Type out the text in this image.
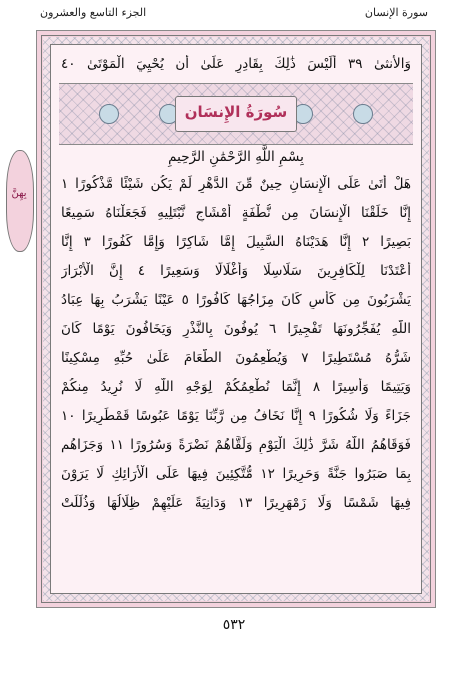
الجزء التاسع والعشرون	سورة الإنسان
بِهِنَّ
وَالأنثىٰ ٣٩ أَلَيْسَ ذَٰلِكَ بِقَادِرٍ عَلَىٰ أَن يُحْيِيَ الْمَوْتَىٰ ٤٠
سُورَةُ الإِنسَان
بِسْمِ اللَّهِ الرَّحْمَٰنِ الرَّحِيمِ
هَلْ أَتَىٰ عَلَى الْإِنسَانِ حِينٌ مِّنَ الدَّهْرِ لَمْ يَكُن شَيْئًا مَّذْكُورًا ١
إِنَّا خَلَقْنَا الْإِنسَانَ مِن نُّطْفَةٍ أَمْشَاجٍ نَّبْتَلِيهِ فَجَعَلْنَاهُ سَمِيعًا
بَصِيرًا ٢ إِنَّا هَدَيْنَاهُ السَّبِيلَ إِمَّا شَاكِرًا وَإِمَّا كَفُورًا ٣ إِنَّا
أَعْتَدْنَا لِلْكَافِرِينَ سَلَاسِلَا وَأَغْلَالًا وَسَعِيرًا ٤ إِنَّ الْأَبْرَارَ
يَشْرَبُونَ مِن كَأْسٍ كَانَ مِزَاجُهَا كَافُورًا ٥ عَيْنًا يَشْرَبُ بِهَا عِبَادُ
اللَّهِ يُفَجِّرُونَهَا تَفْجِيرًا ٦ يُوفُونَ بِالنَّذْرِ وَيَخَافُونَ يَوْمًا كَانَ
شَرُّهُ مُسْتَطِيرًا ٧ وَيُطْعِمُونَ الطَّعَامَ عَلَىٰ حُبِّهِ مِسْكِينًا
وَيَتِيمًا وَأَسِيرًا ٨ إِنَّمَا نُطْعِمُكُمْ لِوَجْهِ اللَّهِ لَا نُرِيدُ مِنكُمْ
جَزَاءً وَلَا شُكُورًا ٩ إِنَّا نَخَافُ مِن رَّبِّنَا يَوْمًا عَبُوسًا قَمْطَرِيرًا ١٠
فَوَقَاهُمُ اللَّهُ شَرَّ ذَٰلِكَ الْيَوْمِ وَلَقَّاهُمْ نَضْرَةً وَسُرُورًا ١١ وَجَزَاهُم
بِمَا صَبَرُوا جَنَّةً وَحَرِيرًا ١٢ مُّتَّكِئِينَ فِيهَا عَلَى الْأَرَائِكِ لَا يَرَوْنَ
فِيهَا شَمْسًا وَلَا زَمْهَرِيرًا ١٣ وَدَانِيَةً عَلَيْهِمْ ظِلَالُهَا وَذُلِّلَتْ
٥٣٢
